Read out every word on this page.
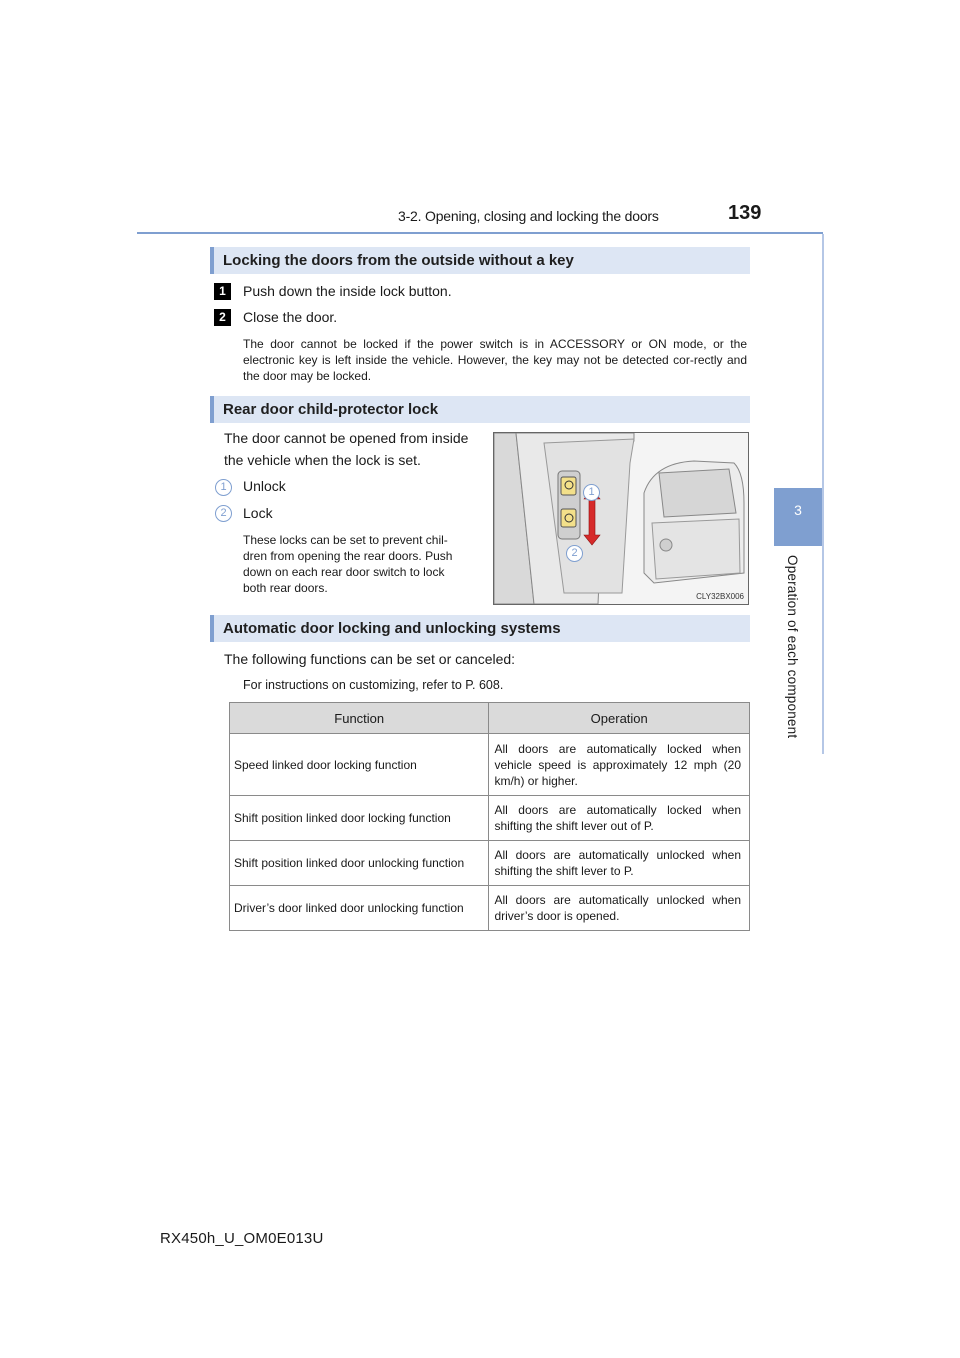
3-2. Opening, closing and locking the doors	139
3
Operation of each component
Locking the doors from the outside without a key
1	Push down the inside lock button.
2	Close the door.
The door cannot be locked if the power switch is in ACCESSORY or ON mode, or the electronic key is left inside the vehicle. However, the key may not be detected cor-rectly and the door may be locked.
Rear door child-protector lock
The door cannot be opened from inside
the vehicle when the lock is set.
1	Unlock
2	Lock
These locks can be set to prevent chil-
dren from opening the rear doors. Push
down on each rear door switch to lock
both rear doors.
1
2
CLY32BX006
Automatic door locking and unlocking systems
The following functions can be set or canceled:
For instructions on customizing, refer to P. 608.
Function	Operation
Speed linked door locking function	All doors are automatically locked when vehicle speed is approximately 12 mph (20 km/h) or higher.
Shift position linked door locking function	All doors are automatically locked when shifting the shift lever out of P.
Shift position linked door unlocking function	All doors are automatically unlocked when shifting the shift lever to P.
Driver’s door linked door unlocking function	All doors are automatically unlocked when driver’s door is opened.
RX450h_U_OM0E013U
